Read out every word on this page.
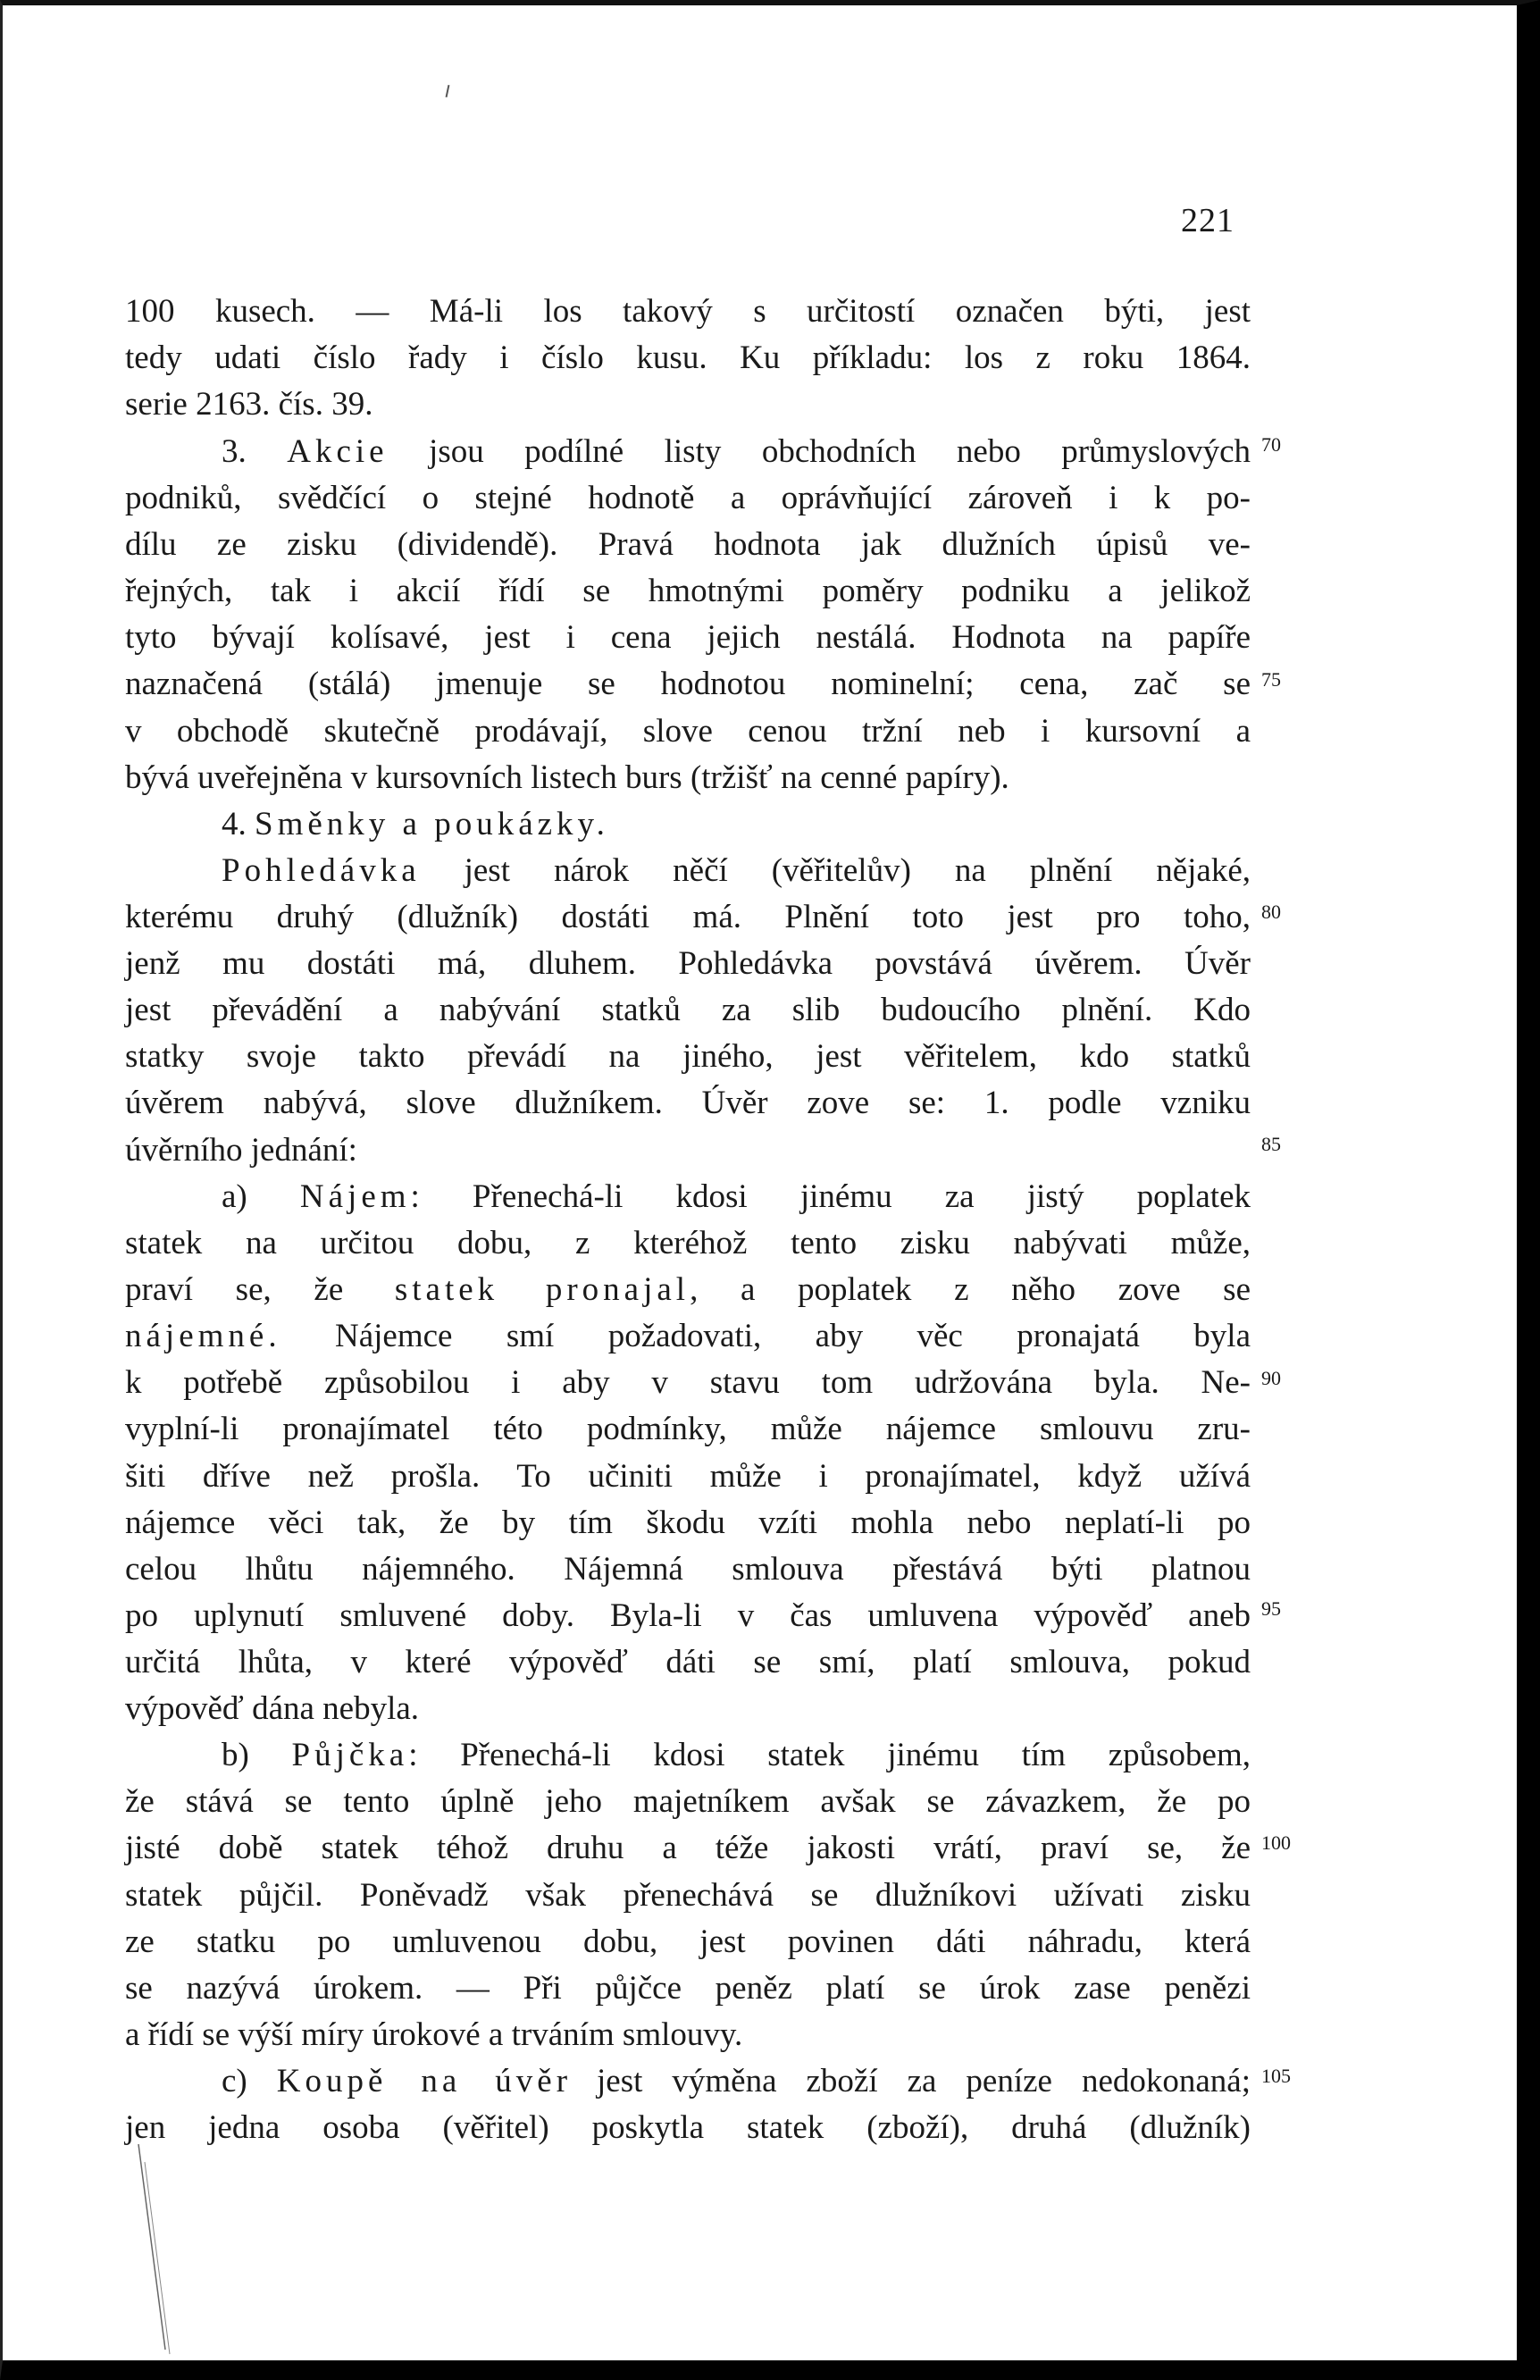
221
100 kusech. — Má-li los takový s určitostí označen býti, jest
tedy udati číslo řady i číslo kusu. Ku příkladu: los z roku 1864.
serie 2163. čís. 39.
3. Akcie jsou podílné listy obchodních nebo průmyslových
podniků, svědčící o stejné hodnotě a oprávňující zároveň i k po-
dílu ze zisku (dividendě). Pravá hodnota jak dlužních úpisů ve-
řejných, tak i akcií řídí se hmotnými poměry podniku a jelikož
tyto bývají kolísavé, jest i cena jejich nestálá. Hodnota na papíře
naznačená (stálá) jmenuje se hodnotou nominelní; cena, zač se
v obchodě skutečně prodávají, slove cenou tržní neb i kursovní a
bývá uveřejněna v kursovních listech burs (tržišť na cenné papíry).
4. Směnky a poukázky.
Pohledávka jest nárok něčí (věřitelův) na plnění nějaké,
kterému druhý (dlužník) dostáti má. Plnění toto jest pro toho,
jenž mu dostáti má, dluhem. Pohledávka povstává úvěrem. Úvěr
jest převádění a nabývání statků za slib budoucího plnění. Kdo
statky svoje takto převádí na jiného, jest věřitelem, kdo statků
úvěrem nabývá, slove dlužníkem. Úvěr zove se: 1. podle vzniku
úvěrního jednání:
a) Nájem: Přenechá-li kdosi jinému za jistý poplatek
statek na určitou dobu, z kteréhož tento zisku nabývati může,
praví se, že statek pronajal, a poplatek z něho zove se
nájemné. Nájemce smí požadovati, aby věc pronajatá byla
k potřebě způsobilou i aby v stavu tom udržována byla. Ne-
vyplní-li pronajímatel této podmínky, může nájemce smlouvu zru-
šiti dříve než prošla. To učiniti může i pronajímatel, když užívá
nájemce věci tak, že by tím škodu vzíti mohla nebo neplatí-li po
celou lhůtu nájemného. Nájemná smlouva přestává býti platnou
po uplynutí smluvené doby. Byla-li v čas umluvena výpověď aneb
určitá lhůta, v které výpověď dáti se smí, platí smlouva, pokud
výpověď dána nebyla.
b) Půjčka: Přenechá-li kdosi statek jinému tím způsobem,
že stává se tento úplně jeho majetníkem avšak se závazkem, že po
jisté době statek téhož druhu a téže jakosti vrátí, praví se, že
statek půjčil. Poněvadž však přenechává se dlužníkovi užívati zisku
ze statku po umluvenou dobu, jest povinen dáti náhradu, která
se nazývá úrokem. — Při půjčce peněz platí se úrok zase penězi
a řídí se výší míry úrokové a trváním smlouvy.
c) Koupě na úvěr jest výměna zboží za peníze nedokonaná;
jen jedna osoba (věřitel) poskytla statek (zboží), druhá (dlužník)
70
75
80
85
90
95
100
105
